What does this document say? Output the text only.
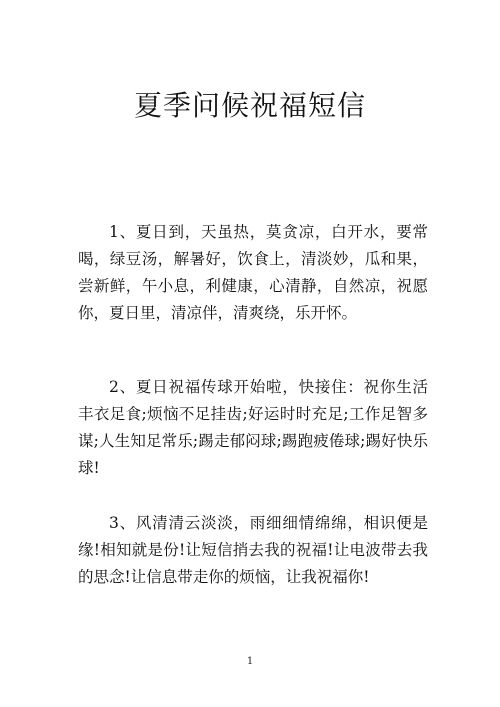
夏季问候祝福短信

1、夏日到，天虽热，莫贪凉，白开水，要常喝，绿豆汤，解暑好，饮食上，清淡妙，瓜和果，尝新鲜，午小息，利健康，心清静，自然凉，祝愿你，夏日里，清凉伴，清爽绕，乐开怀。

2、夏日祝福传球开始啦，快接住：祝你生活丰衣足食;烦恼不足挂齿;好运时时充足;工作足智多谋;人生知足常乐;踢走郁闷球;踢跑疲倦球;踢好快乐球!

3、风清清云淡淡，雨细细情绵绵，相识便是缘!相知就是份!让短信捎去我的祝福!让电波带去我的思念!让信息带走你的烦恼，让我祝福你!

1
